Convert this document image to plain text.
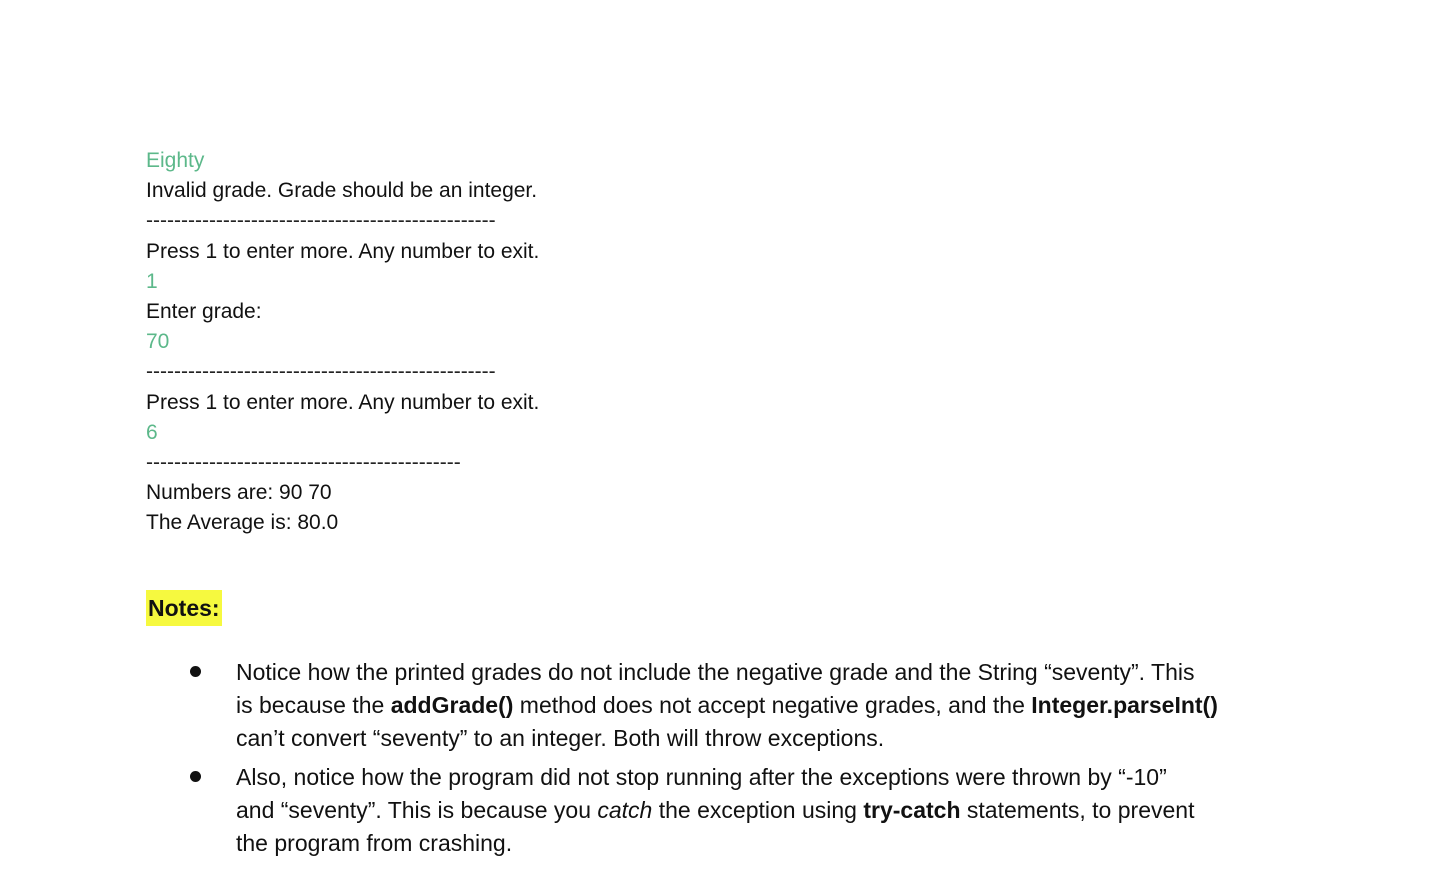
Eighty
Invalid grade. Grade should be an integer.
--------------------------------------------------
Press 1 to enter more. Any number to exit.
1
Enter grade:
70
--------------------------------------------------
Press 1 to enter more. Any number to exit.
6
---------------------------------------------
Numbers are: 90 70
The Average is: 80.0
Notes:
Notice how the printed grades do not include the negative grade and the String “seventy”. This
is because the addGrade() method does not accept negative grades, and the Integer.parseInt()
can’t convert “seventy” to an integer. Both will throw exceptions.
Also, notice how the program did not stop running after the exceptions were thrown by “-10”
and “seventy”. This is because you catch the exception using try-catch statements, to prevent
the program from crashing.
